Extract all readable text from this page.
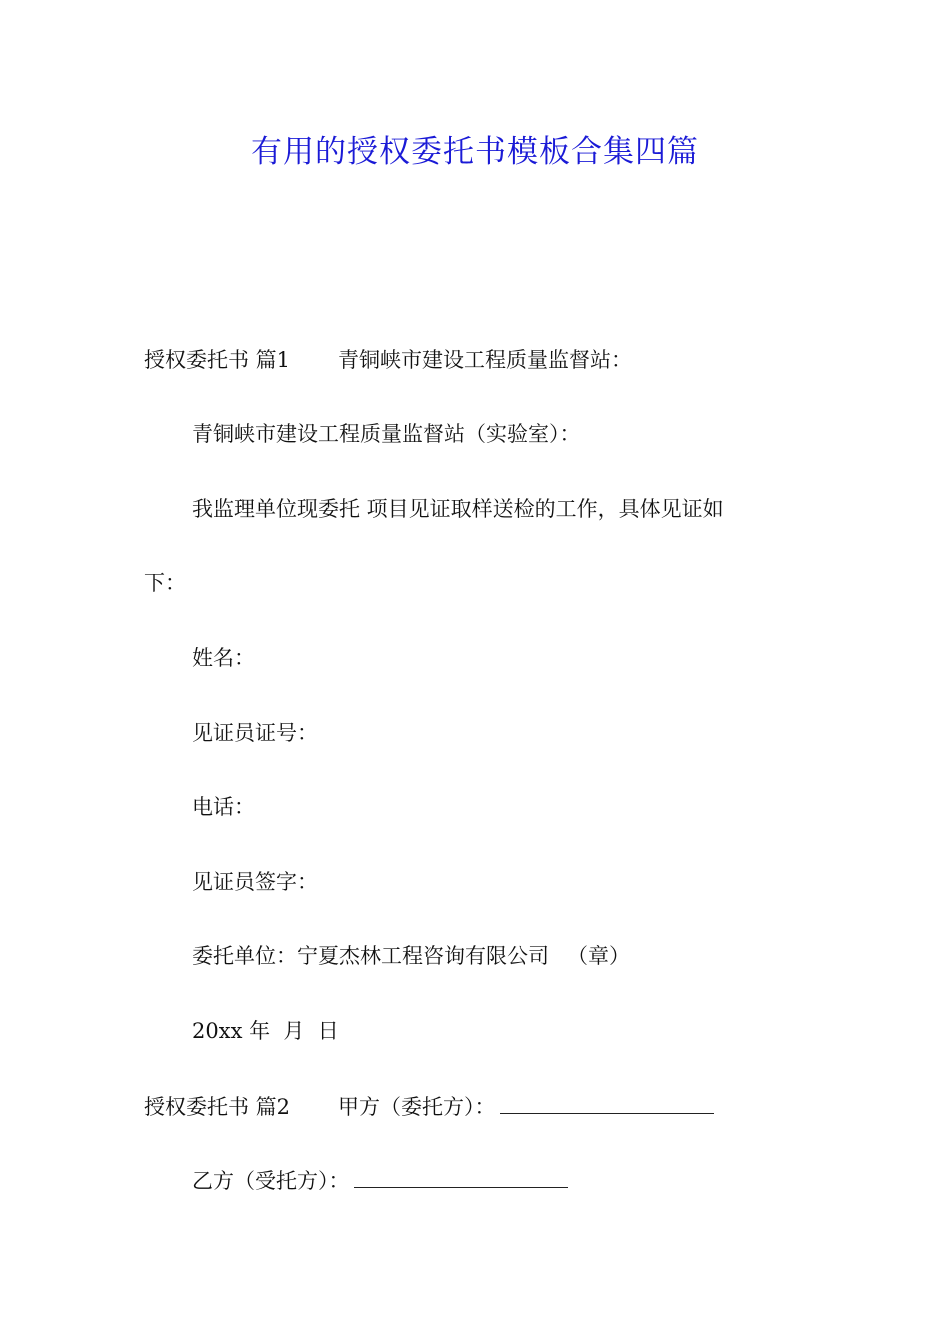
有用的授权委托书模板合集四篇
授权委托书 篇1 青铜峡市建设工程质量监督站：
青铜峡市建设工程质量监督站（实验室）：
我监理单位现委托 项目见证取样送检的工作，具体见证如
下：
姓名：
见证员证号：
电话：
见证员签字：
委托单位：宁夏杰林工程咨询有限公司 （章）
20xx 年  月  日
授权委托书 篇2 甲方（委托方）：
乙方（受托方）：
